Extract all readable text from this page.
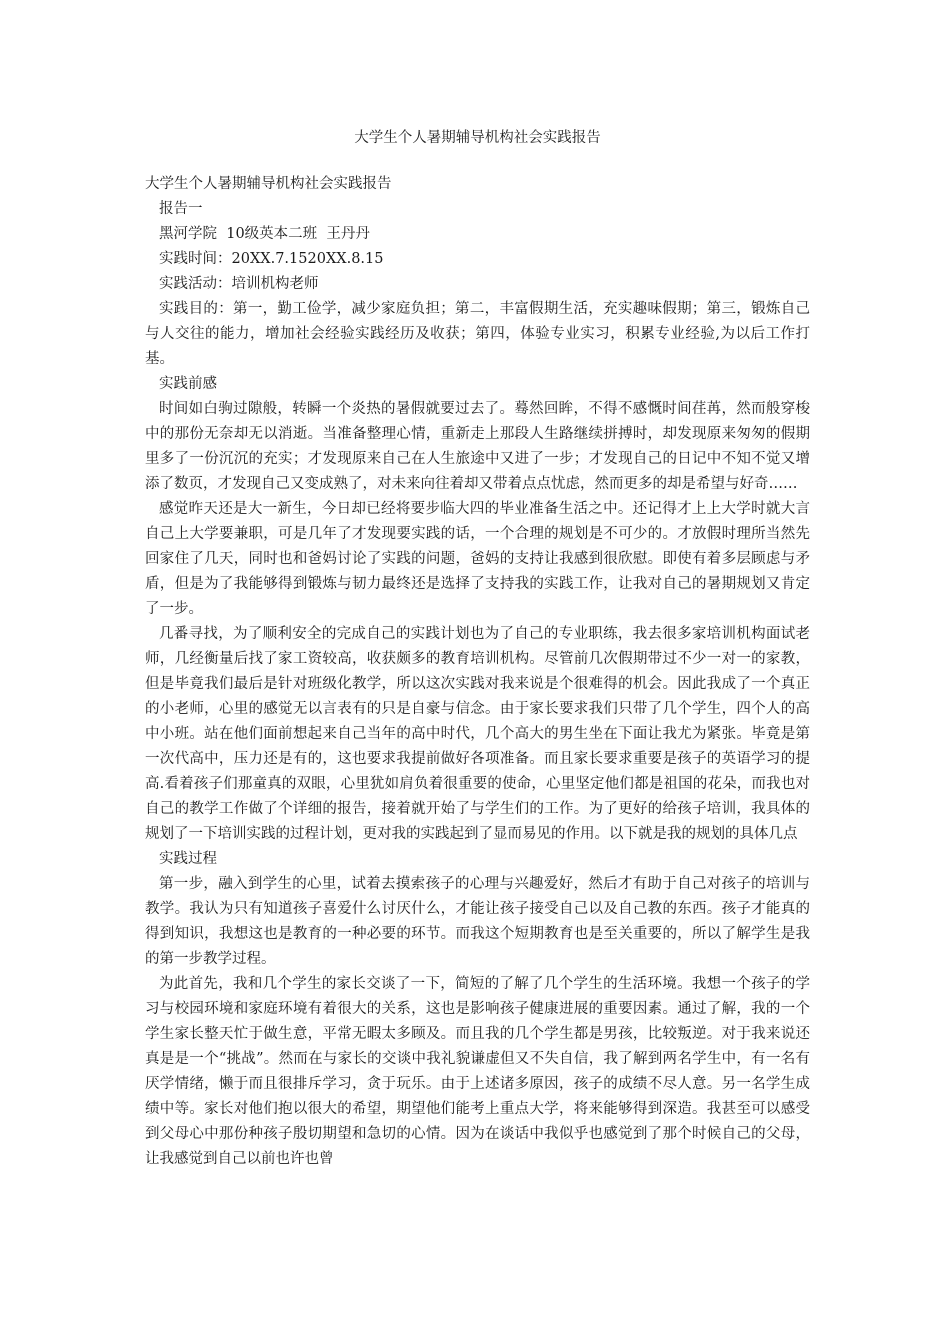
大学生个人暑期辅导机构社会实践报告

大学生个人暑期辅导机构社会实践报告

报告一

黑河学院  10级英本二班  王丹丹

实践时间：20XX.7.1520XX.8.15

实践活动：培训机构老师

实践目的：第一，勤工俭学，减少家庭负担；第二，丰富假期生活，充实趣味假期；第三，锻炼自己与人交往的能力，增加社会经验实践经历及收获；第四，体验专业实习，积累专业经验,为以后工作打基。

实践前感

时间如白驹过隙般，转瞬一个炎热的暑假就要过去了。蓦然回眸，不得不感慨时间荏苒，然而般穿梭中的那份无奈却无以消逝。当准备整理心情，重新走上那段人生路继续拼搏时，却发现原来匆匆的假期里多了一份沉沉的充实；才发现原来自己在人生旅途中又进了一步；才发现自己的日记中不知不觉又增添了数页，才发现自己又变成熟了，对未来向往着却又带着点点忧虑，然而更多的却是希望与好奇……

感觉昨天还是大一新生，今日却已经将要步临大四的毕业准备生活之中。还记得才上上大学时就大言自己上大学要兼职，可是几年了才发现要实践的话，一个合理的规划是不可少的。才放假时理所当然先回家住了几天，同时也和爸妈讨论了实践的问题，爸妈的支持让我感到很欣慰。即使有着多层顾虑与矛盾，但是为了我能够得到锻炼与韧力最终还是选择了支持我的实践工作，让我对自己的暑期规划又肯定了一步。

几番寻找，为了顺利安全的完成自己的实践计划也为了自己的专业职练，我去很多家培训机构面试老师，几经衡量后找了家工资较高，收获颇多的教育培训机构。尽管前几次假期带过不少一对一的家教，但是毕竟我们最后是针对班级化教学，所以这次实践对我来说是个很难得的机会。因此我成了一个真正的小老师，心里的感觉无以言表有的只是自豪与信念。由于家长要求我们只带了几个学生，四个人的高中小班。站在他们面前想起来自己当年的高中时代，几个高大的男生坐在下面让我尤为紧张。毕竟是第一次代高中，压力还是有的，这也要求我提前做好各项准备。而且家长要求重要是孩子的英语学习的提高.看着孩子们那童真的双眼，心里犹如肩负着很重要的使命，心里坚定他们都是祖国的花朵，而我也对自己的教学工作做了个详细的报告，接着就开始了与学生们的工作。为了更好的给孩子培训，我具体的规划了一下培训实践的过程计划，更对我的实践起到了显而易见的作用。以下就是我的规划的具体几点

实践过程

第一步，融入到学生的心里，试着去摸索孩子的心理与兴趣爱好，然后才有助于自己对孩子的培训与教学。我认为只有知道孩子喜爱什么讨厌什么，才能让孩子接受自己以及自己教的东西。孩子才能真的得到知识，我想这也是教育的一种必要的环节。而我这个短期教育也是至关重要的，所以了解学生是我的第一步教学过程。

为此首先，我和几个学生的家长交谈了一下，简短的了解了几个学生的生活环境。我想一个孩子的学习与校园环境和家庭环境有着很大的关系，这也是影响孩子健康进展的重要因素。通过了解，我的一个学生家长整天忙于做生意，平常无暇太多顾及。而且我的几个学生都是男孩，比较叛逆。对于我来说还真是是一个“挑战”。然而在与家长的交谈中我礼貌谦虚但又不失自信，我了解到两名学生中，有一名有厌学情绪，懒于而且很排斥学习，贪于玩乐。由于上述诸多原因，孩子的成绩不尽人意。另一名学生成绩中等。家长对他们抱以很大的希望，期望他们能考上重点大学，将来能够得到深造。我甚至可以感受到父母心中那份种孩子殷切期望和急切的心情。因为在谈话中我似乎也感觉到了那个时候自己的父母，让我感觉到自己以前也许也曾
